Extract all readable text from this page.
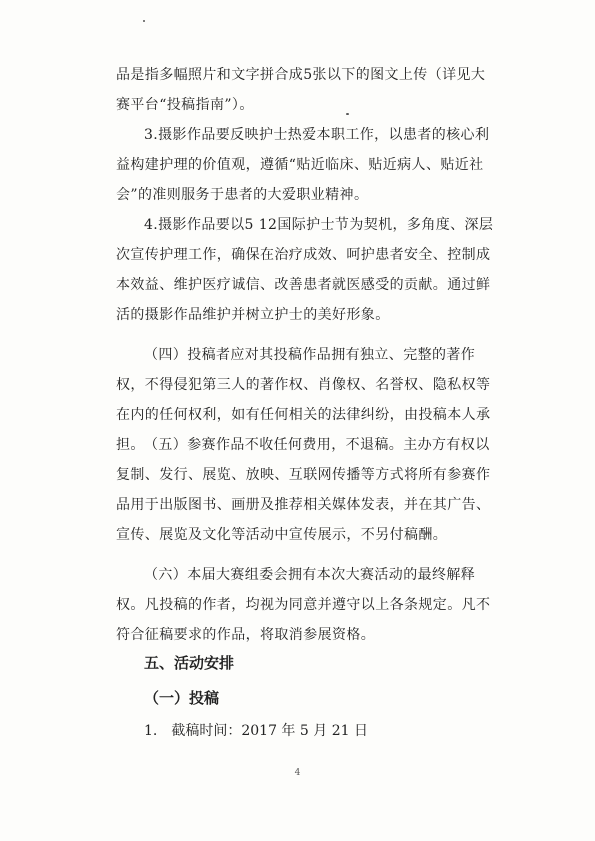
品是指多幅照片和文字拼合成5张以下的图文上传（详见大赛平台“投稿指南”）。
3.摄影作品要反映护士热爱本职工作，以患者的核心利益构建护理的价值观，遵循“贴近临床、贴近病人、贴近社会”的准则服务于患者的大爱职业精神。
4.摄影作品要以5 12国际护士节为契机，多角度、深层次宣传护理工作，确保在治疗成效、呵护患者安全、控制成本效益、维护医疗诚信、改善患者就医感受的贡献。通过鲜活的摄影作品维护并树立护士的美好形象。
（四）投稿者应对其投稿作品拥有独立、完整的著作权，不得侵犯第三人的著作权、肖像权、名誉权、隐私权等在内的任何权利，如有任何相关的法律纠纷，由投稿本人承担。 （五）参赛作品不收任何费用，不退稿。主办方有权以复制、发行、展览、放映、互联网传播等方式将所有参赛作品用于出版图书、画册及推荐相关媒体发表，并在其广告、宣传、展览及文化等活动中宣传展示，不另付稿酬。
（六）本届大赛组委会拥有本次大赛活动的最终解释权。凡投稿的作者，均视为同意并遵守以上各条规定。凡不符合征稿要求的作品，将取消参展资格。
五、活动安排
（一）投稿
1.　截稿时间：2017 年 5 月 21 日
4
